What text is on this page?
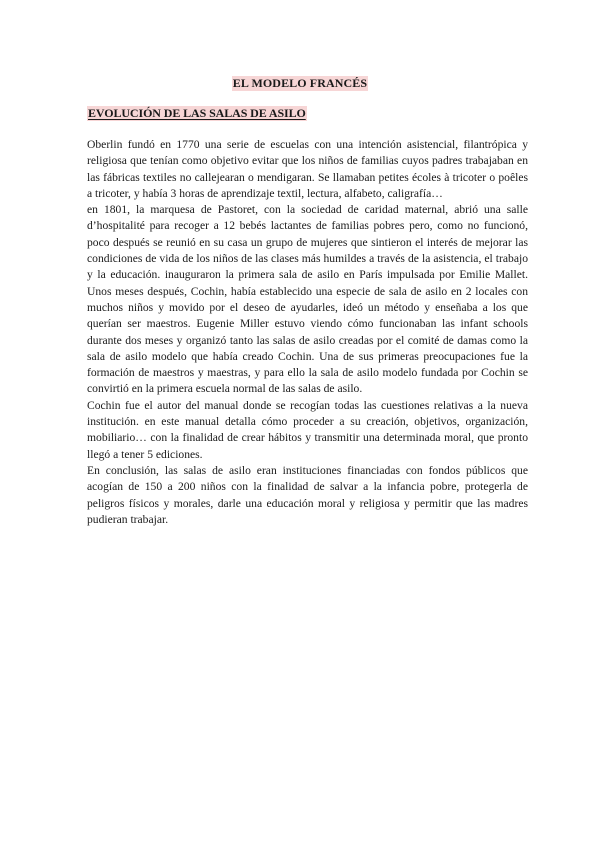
EL MODELO FRANCÉS
EVOLUCIÓN DE LAS SALAS DE ASILO

Oberlin fundó en 1770 una serie de escuelas con una intención asistencial, filantrópica y religiosa que tenían como objetivo evitar que los niños de familias cuyos padres trabajaban en las fábricas textiles no callejearan o mendigaran. Se llamaban petites écoles à tricoter o poêles a tricoter, y había 3 horas de aprendizaje textil, lectura, alfabeto, caligrafía…

en 1801, la marquesa de Pastoret, con la sociedad de caridad maternal, abrió una salle d’hospitalité para recoger a 12 bebés lactantes de familias pobres pero, como no funcionó, poco después se reunió en su casa un grupo de mujeres que sintieron el interés de mejorar las condiciones de vida de los niños de las clases más humildes a través de la asistencia, el trabajo y la educación. inauguraron la primera sala de asilo en París impulsada por Emilie Mallet. Unos meses después, Cochin, había establecido una especie de sala de asilo en 2 locales con muchos niños y movido por el deseo de ayudarles, ideó un método y enseñaba a los que querían ser maestros. Eugenie Miller estuvo viendo cómo funcionaban las infant schools durante dos meses y organizó tanto las salas de asilo creadas por el comité de damas como la sala de asilo modelo que había creado Cochin. Una de sus primeras preocupaciones fue la formación de maestros y maestras, y para ello la sala de asilo modelo fundada por Cochin se convirtió en la primera escuela normal de las salas de asilo.

Cochin fue el autor del manual donde se recogían todas las cuestiones relativas a la nueva institución. en este manual detalla cómo proceder a su creación, objetivos, organización, mobiliario… con la finalidad de crear hábitos y transmitir una determinada moral, que pronto llegó a tener 5 ediciones.

En conclusión, las salas de asilo eran instituciones financiadas con fondos públicos que acogían de 150 a 200 niños con la finalidad de salvar a la infancia pobre, protegerla de peligros físicos y morales, darle una educación moral y religiosa y permitir que las madres pudieran trabajar.
